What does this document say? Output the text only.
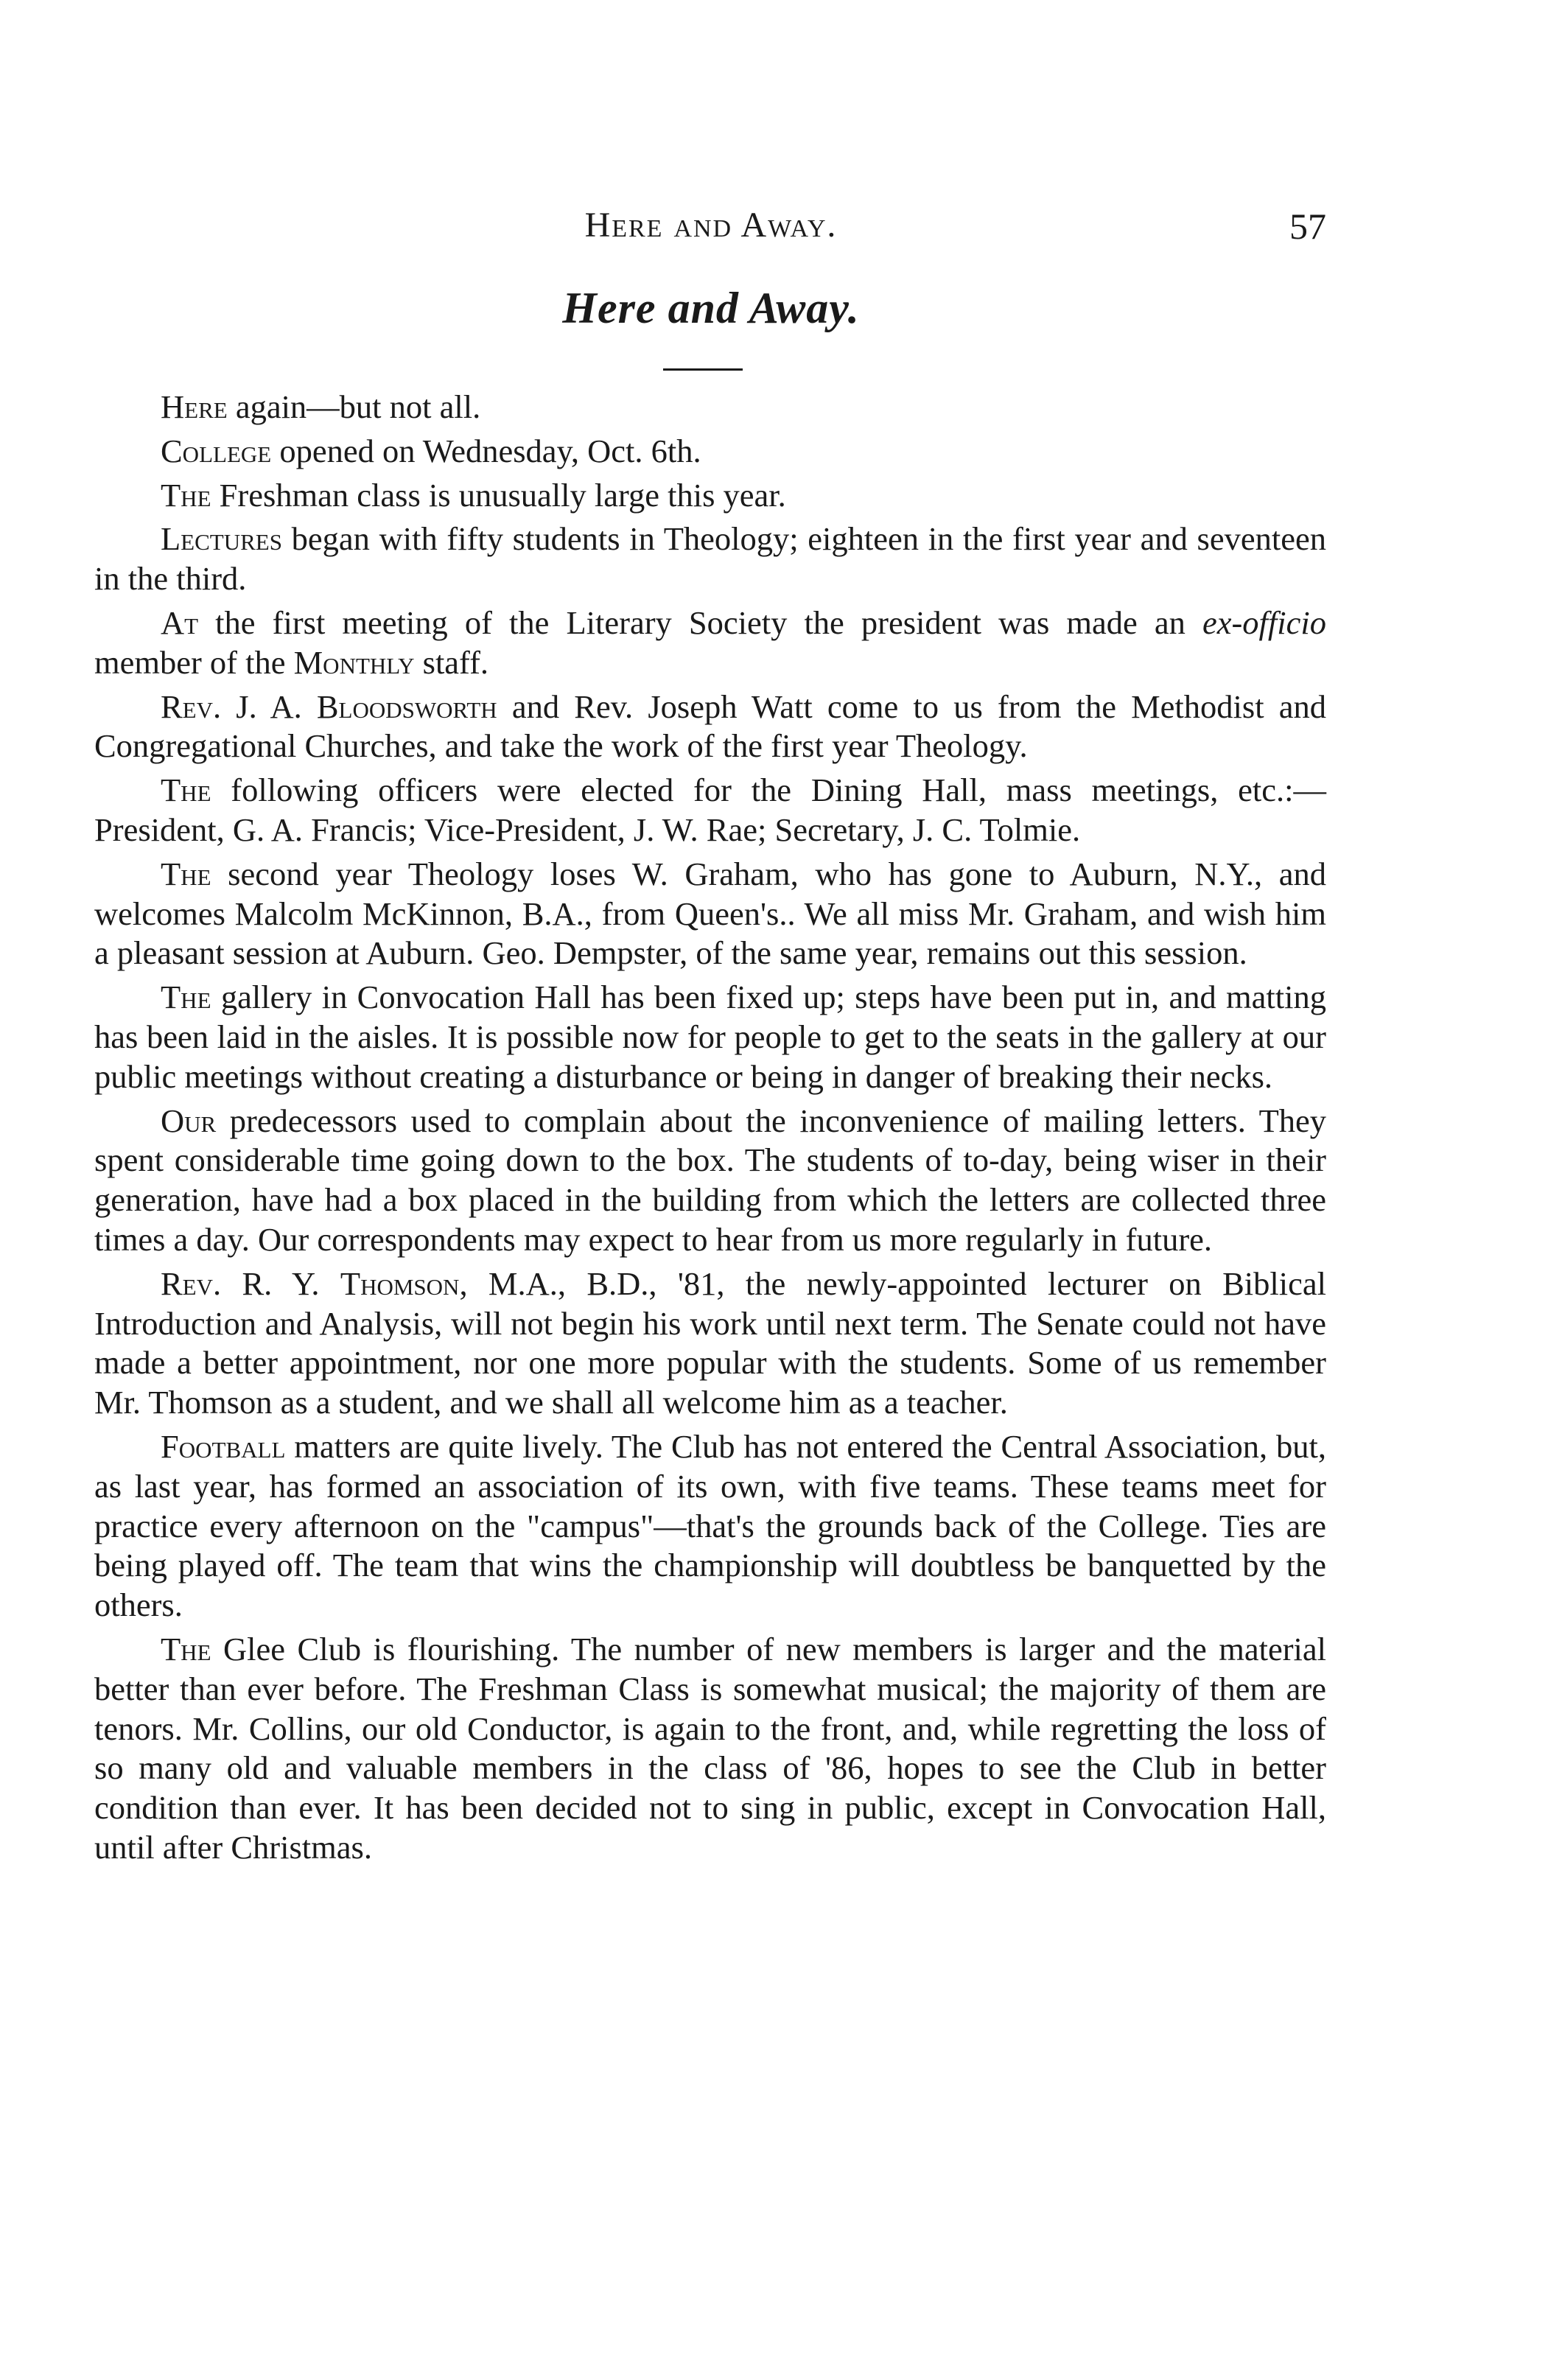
Here and Away.	57
Here and Away.

Here again—but not all.

College opened on Wednesday, Oct. 6th.

The Freshman class is unusually large this year.

Lectures began with fifty students in Theology; eighteen in the first year and seventeen in the third.

At the first meeting of the Literary Society the president was made an ex-officio member of the Monthly staff.

Rev. J. A. Bloodsworth and Rev. Joseph Watt come to us from the Methodist and Congregational Churches, and take the work of the first year Theology.

The following officers were elected for the Dining Hall, mass meetings, etc.:—President, G. A. Francis; Vice-President, J. W. Rae; Secretary, J. C. Tolmie.

The second year Theology loses W. Graham, who has gone to Auburn, N.Y., and welcomes Malcolm McKinnon, B.A., from Queen's.. We all miss Mr. Graham, and wish him a pleasant session at Auburn. Geo. Dempster, of the same year, remains out this session.

The gallery in Convocation Hall has been fixed up; steps have been put in, and matting has been laid in the aisles. It is possible now for people to get to the seats in the gallery at our public meetings without creating a disturbance or being in danger of breaking their necks.

Our predecessors used to complain about the inconvenience of mailing letters. They spent considerable time going down to the box. The students of to-day, being wiser in their generation, have had a box placed in the building from which the letters are collected three times a day. Our correspondents may expect to hear from us more regularly in future.

Rev. R. Y. Thomson, M.A., B.D., '81, the newly-appointed lecturer on Biblical Introduction and Analysis, will not begin his work until next term. The Senate could not have made a better appointment, nor one more popular with the students. Some of us remember Mr. Thomson as a student, and we shall all welcome him as a teacher.

Football matters are quite lively. The Club has not entered the Central Association, but, as last year, has formed an association of its own, with five teams. These teams meet for practice every afternoon on the "campus"—that's the grounds back of the College. Ties are being played off. The team that wins the championship will doubtless be banquetted by the others.

The Glee Club is flourishing. The number of new members is larger and the material better than ever before. The Freshman Class is somewhat musical; the majority of them are tenors. Mr. Collins, our old Conductor, is again to the front, and, while regretting the loss of so many old and valuable members in the class of '86, hopes to see the Club in better condition than ever. It has been decided not to sing in public, except in Convocation Hall, until after Christmas.
